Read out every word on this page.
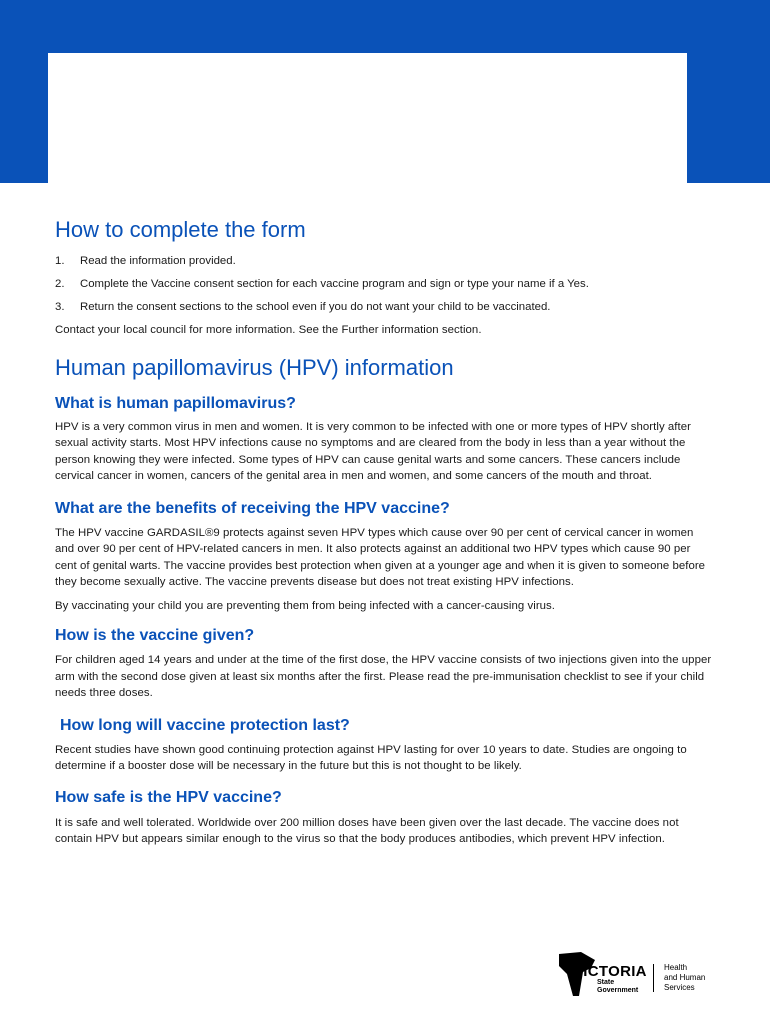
How to complete the form
1.	Read the information provided.
2.	Complete the Vaccine consent section for each vaccine program and sign or type your name if a Yes.
3.	Return the consent sections to the school even if you do not want your child to be vaccinated.

Contact your local council for more information. See the Further information section.

Human papillomavirus (HPV) information
What is human papillomavirus?

HPV is a very common virus in men and women. It is very common to be infected with one or more types of HPV shortly after sexual activity starts. Most HPV infections cause no symptoms and are cleared from the body in less than a year without the person knowing they were infected. Some types of HPV can cause genital warts and some cancers. These cancers include cervical cancer in women, cancers of the genital area in men and women, and some cancers of the mouth and throat.

What are the benefits of receiving the HPV vaccine?

The HPV vaccine GARDASIL®9 protects against seven HPV types which cause over 90 per cent of cervical cancer in women and over 90 per cent of HPV-related cancers in men. It also protects against an additional two HPV types which cause 90 per cent of genital warts. The vaccine provides best protection when given at a younger age and when it is given to someone before they become sexually active. The vaccine prevents disease but does not treat existing HPV infections.

By vaccinating your child you are preventing them from being infected with a cancer-causing virus.

How is the vaccine given?

For children aged 14 years and under at the time of the first dose, the HPV vaccine consists of two injections given into the upper arm with the second dose given at least six months after the first. Please read the pre-immunisation checklist to see if your child needs three doses.

How long will vaccine protection last?

Recent studies have shown good continuing protection against HPV lasting for over 10 years to date. Studies are ongoing to determine if a booster dose will be necessary in the future but this is not thought to be likely.

How safe is the HPV vaccine?

It is safe and well tolerated. Worldwide over 200 million doses have been given over the last decade. The vaccine does not contain HPV but appears similar enough to the virus so that the body produces antibodies, which prevent HPV infection.

VICTORIA
State
Government
Health
and Human
Services
